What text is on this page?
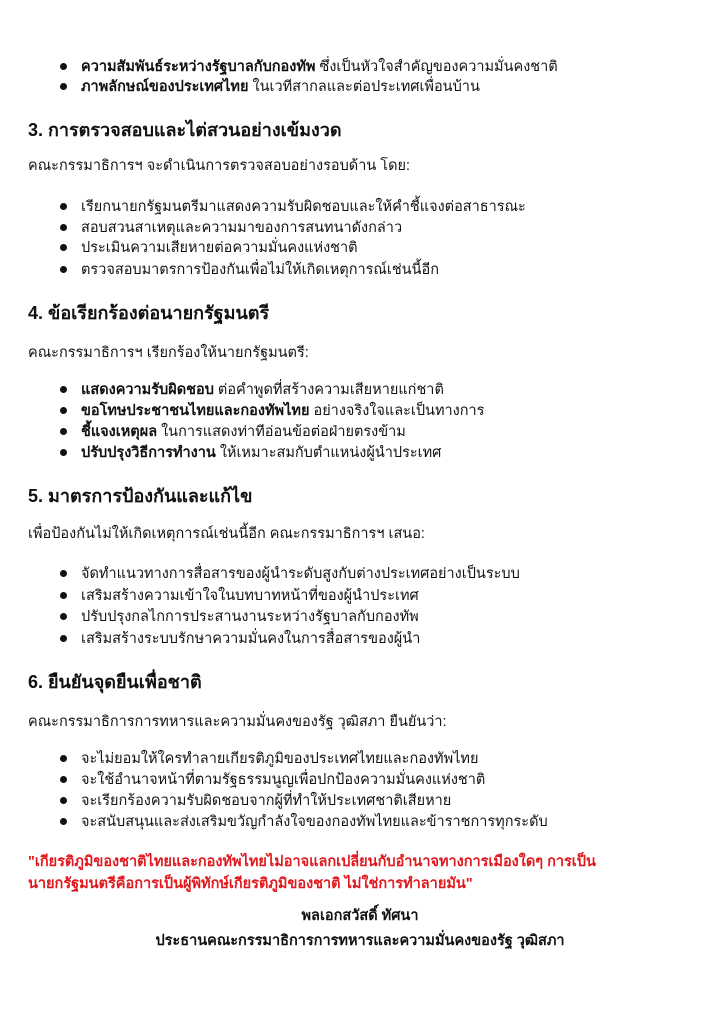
ความสัมพันธ์ระหว่างรัฐบาลกับกองทัพ ซึ่งเป็นหัวใจสำคัญของความมั่นคงชาติ
ภาพลักษณ์ของประเทศไทย ในเวทีสากลและต่อประเทศเพื่อนบ้าน
3. การตรวจสอบและไต่สวนอย่างเข้มงวด
คณะกรรมาธิการฯ จะดำเนินการตรวจสอบอย่างรอบด้าน โดย:
เรียกนายกรัฐมนตรีมาแสดงความรับผิดชอบและให้คำชี้แจงต่อสาธารณะ
สอบสวนสาเหตุและความมาของการสนทนาดังกล่าว
ประเมินความเสียหายต่อความมั่นคงแห่งชาติ
ตรวจสอบมาตรการป้องกันเพื่อไม่ให้เกิดเหตุการณ์เช่นนี้อีก
4. ข้อเรียกร้องต่อนายกรัฐมนตรี
คณะกรรมาธิการฯ เรียกร้องให้นายกรัฐมนตรี:
แสดงความรับผิดชอบ ต่อคำพูดที่สร้างความเสียหายแก่ชาติ
ขอโทษประชาชนไทยและกองทัพไทย อย่างจริงใจและเป็นทางการ
ชี้แจงเหตุผล ในการแสดงท่าทีอ่อนข้อต่อฝ่ายตรงข้าม
ปรับปรุงวิธีการทำงาน ให้เหมาะสมกับตำแหน่งผู้นำประเทศ
5. มาตรการป้องกันและแก้ไข
เพื่อป้องกันไม่ให้เกิดเหตุการณ์เช่นนี้อีก คณะกรรมาธิการฯ เสนอ:
จัดทำแนวทางการสื่อสารของผู้นำระดับสูงกับต่างประเทศอย่างเป็นระบบ
เสริมสร้างความเข้าใจในบทบาทหน้าที่ของผู้นำประเทศ
ปรับปรุงกลไกการประสานงานระหว่างรัฐบาลกับกองทัพ
เสริมสร้างระบบรักษาความมั่นคงในการสื่อสารของผู้นำ
6. ยืนยันจุดยืนเพื่อชาติ
คณะกรรมาธิการการทหารและความมั่นคงของรัฐ วุฒิสภา ยืนยันว่า:
จะไม่ยอมให้ใครทำลายเกียรติภูมิของประเทศไทยและกองทัพไทย
จะใช้อำนาจหน้าที่ตามรัฐธรรมนูญเพื่อปกป้องความมั่นคงแห่งชาติ
จะเรียกร้องความรับผิดชอบจากผู้ที่ทำให้ประเทศชาติเสียหาย
จะสนับสนุนและส่งเสริมขวัญกำลังใจของกองทัพไทยและข้าราชการทุกระดับ
"เกียรติภูมิของชาติไทยและกองทัพไทยไม่อาจแลกเปลี่ยนกับอำนาจทางการเมืองใดๆ การเป็น
นายกรัฐมนตรีคือการเป็นผู้พิทักษ์เกียรติภูมิของชาติ ไม่ใช่การทำลายมัน"
พลเอกสวัสดิ์ ทัศนา
ประธานคณะกรรมาธิการการทหารและความมั่นคงของรัฐ วุฒิสภา
